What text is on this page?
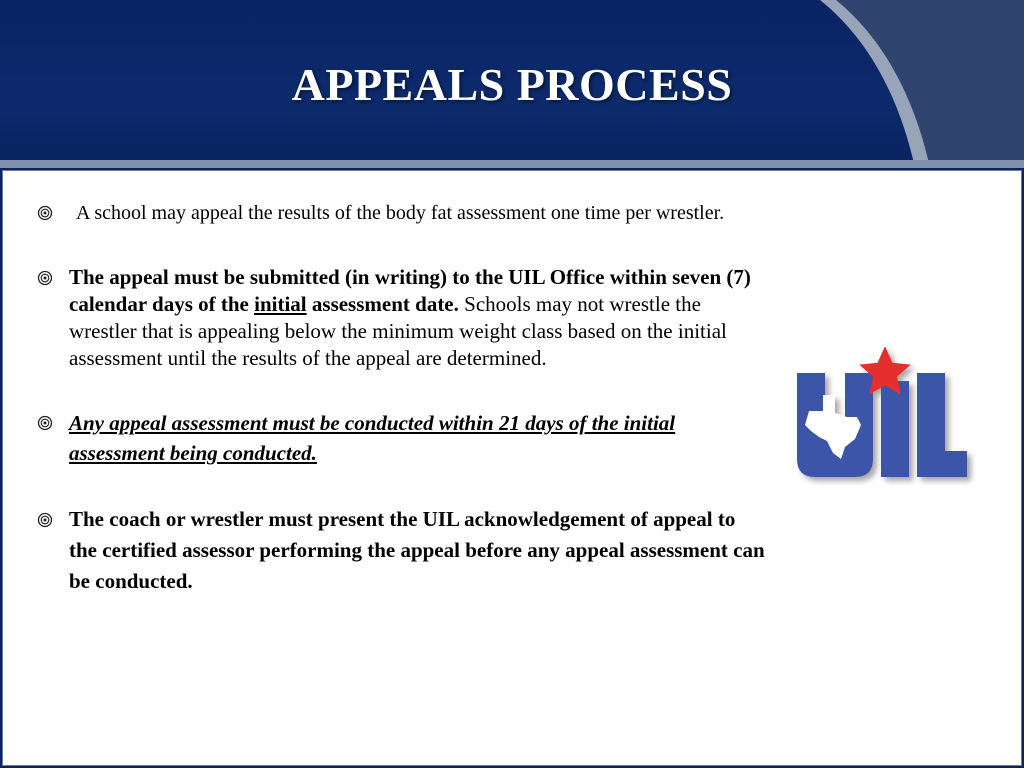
APPEALS PROCESS
A school may appeal the results of the body fat assessment one time per wrestler.
The appeal must be submitted (in writing) to the UIL Office within seven (7) calendar days of the initial assessment date. Schools may not wrestle the wrestler that is appealing below the minimum weight class based on the initial assessment until the results of the appeal are determined.
Any appeal assessment must be conducted within 21 days of the initial assessment being conducted.
The coach or wrestler must present the UIL acknowledgement of appeal to the certified assessor performing the appeal before any appeal assessment can be conducted.
